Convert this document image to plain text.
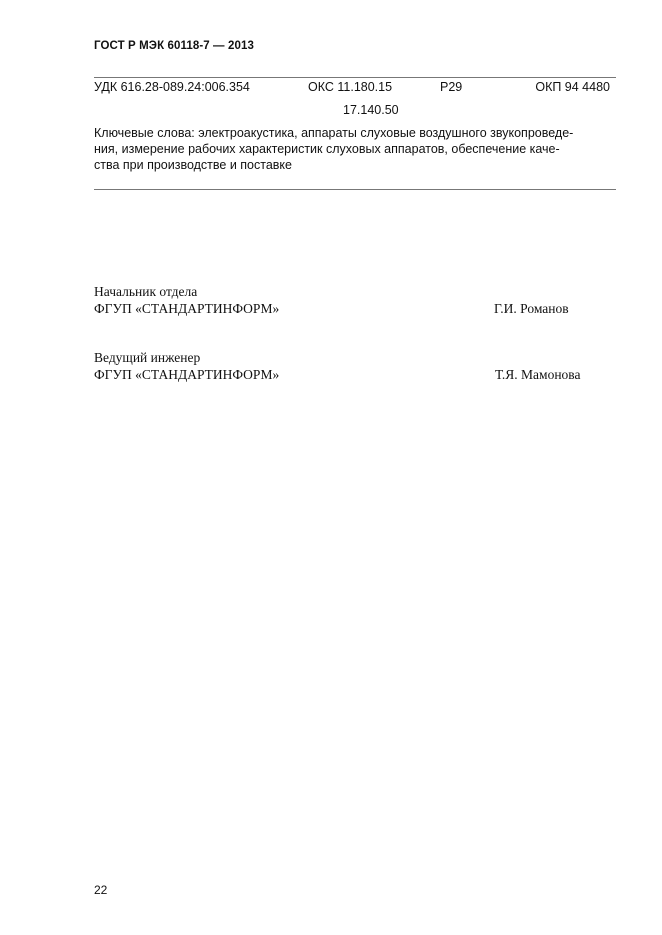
ГОСТ Р МЭК 60118-7 — 2013
УДК 616.28-089.24:006.354	ОКС 11.180.15	Р29	ОКП 94 4480
17.140.50
Ключевые слова: электроакустика, аппараты слуховые воздушного звукопроведе-
ния, измерение рабочих характеристик слуховых аппаратов, обеспечение каче-
ства при производстве и поставке
Начальник отдела
ФГУП «СТАНДАРТИНФОРМ»	Г.И. Романов
Ведущий инженер
ФГУП «СТАНДАРТИНФОРМ»	Т.Я. Мамонова
22
